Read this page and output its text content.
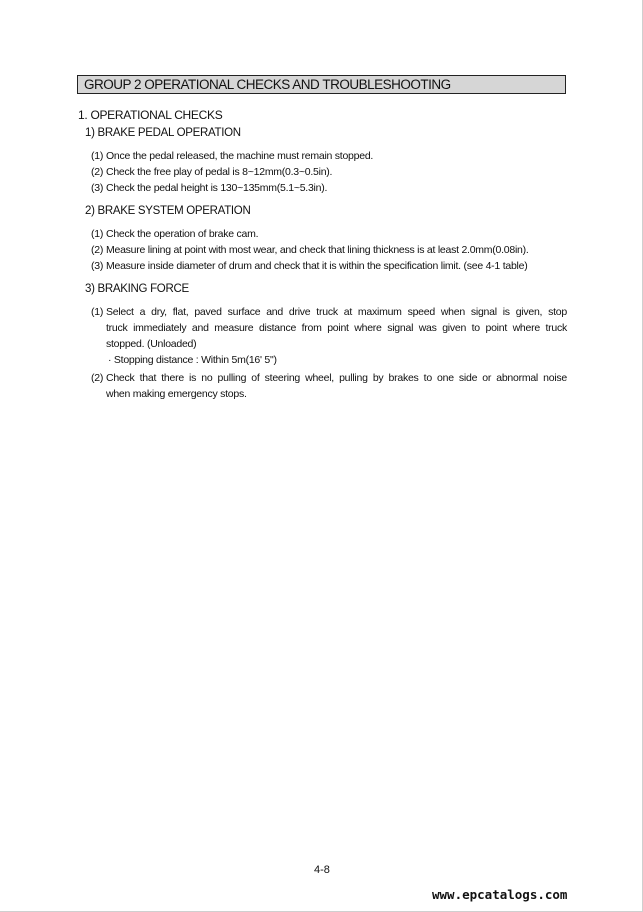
GROUP 2 OPERATIONAL CHECKS AND TROUBLESHOOTING
1. OPERATIONAL CHECKS
1) BRAKE PEDAL OPERATION
(1) Once the pedal released, the machine must remain stopped.
(2) Check the free play of pedal is 8~12mm(0.3~0.5in).
(3) Check the pedal height is 130~135mm(5.1~5.3in).
2) BRAKE SYSTEM OPERATION
(1) Check the operation of brake cam.
(2) Measure lining at point with most wear, and check that lining thickness is at least 2.0mm(0.08in).
(3) Measure inside diameter of drum and check that it is within the specification limit. (see 4-1 table)
3) BRAKING FORCE
(1) Select a dry, flat, paved surface and drive truck at maximum speed when signal is given, stop
truck immediately and measure distance from point where signal was given to point where truck
stopped. (Unloaded)
· Stopping distance : Within 5m(16' 5")
(2) Check that there is no pulling of steering wheel, pulling by brakes to one side or abnormal noise
when making emergency stops.
4-8
www.epcatalogs.com
